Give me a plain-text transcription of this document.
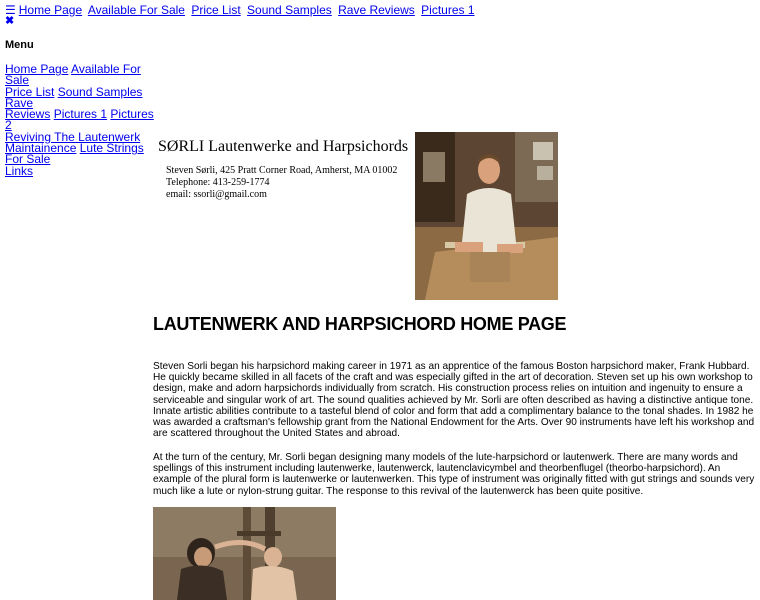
☰ Home Page Available For Sale Price List Sound Samples Rave Reviews Pictures 1
✖
Menu
Home Page Available For Sale
Price List Sound Samples Rave
Reviews Pictures 1 Pictures 2
Reviving The Lautenwerk
Maintainence Lute Strings For Sale
Links
SØRLI Lautenwerke and Harpsichords
Steven Sørli, 425 Pratt Corner Road, Amherst, MA 01002
Telephone: 413-259-1774
email: ssorli@gmail.com
LAUTENWERK AND HARPSICHORD HOME PAGE

Steven Sorli began his harpsichord making career in 1971 as an apprentice of the famous Boston harpsichord maker, Frank Hubbard. He quickly became skilled in all facets of the craft and was especially gifted in the art of decoration. Steven set up his own workshop to design, make and adorn harpsichords individually from scratch. His construction process relies on intuition and ingenuity to ensure a serviceable and singular work of art. The sound qualities achieved by Mr. Sorli are often described as having a distinctive antique tone. Innate artistic abilities contribute to a tasteful blend of color and form that add a complimentary balance to the tonal shades. In 1982 he was awarded a craftsman's fellowship grant from the National Endowment for the Arts. Over 90 instruments have left his workshop and are scattered throughout the United States and abroad.

At the turn of the century, Mr. Sorli began designing many models of the lute-harpsichord or lautenwerk. There are many words and spellings of this instrument including lautenwerke, lautenwerck, lautenclavicymbel and theorbenflugel (theorbo-harpsichord). An example of the plural form is lautenwerke or lautenwerken. This type of instrument was originally fitted with gut strings and sounds very much like a lute or nylon-strung guitar. The response to this revival of the lautenwerck has been quite positive.
